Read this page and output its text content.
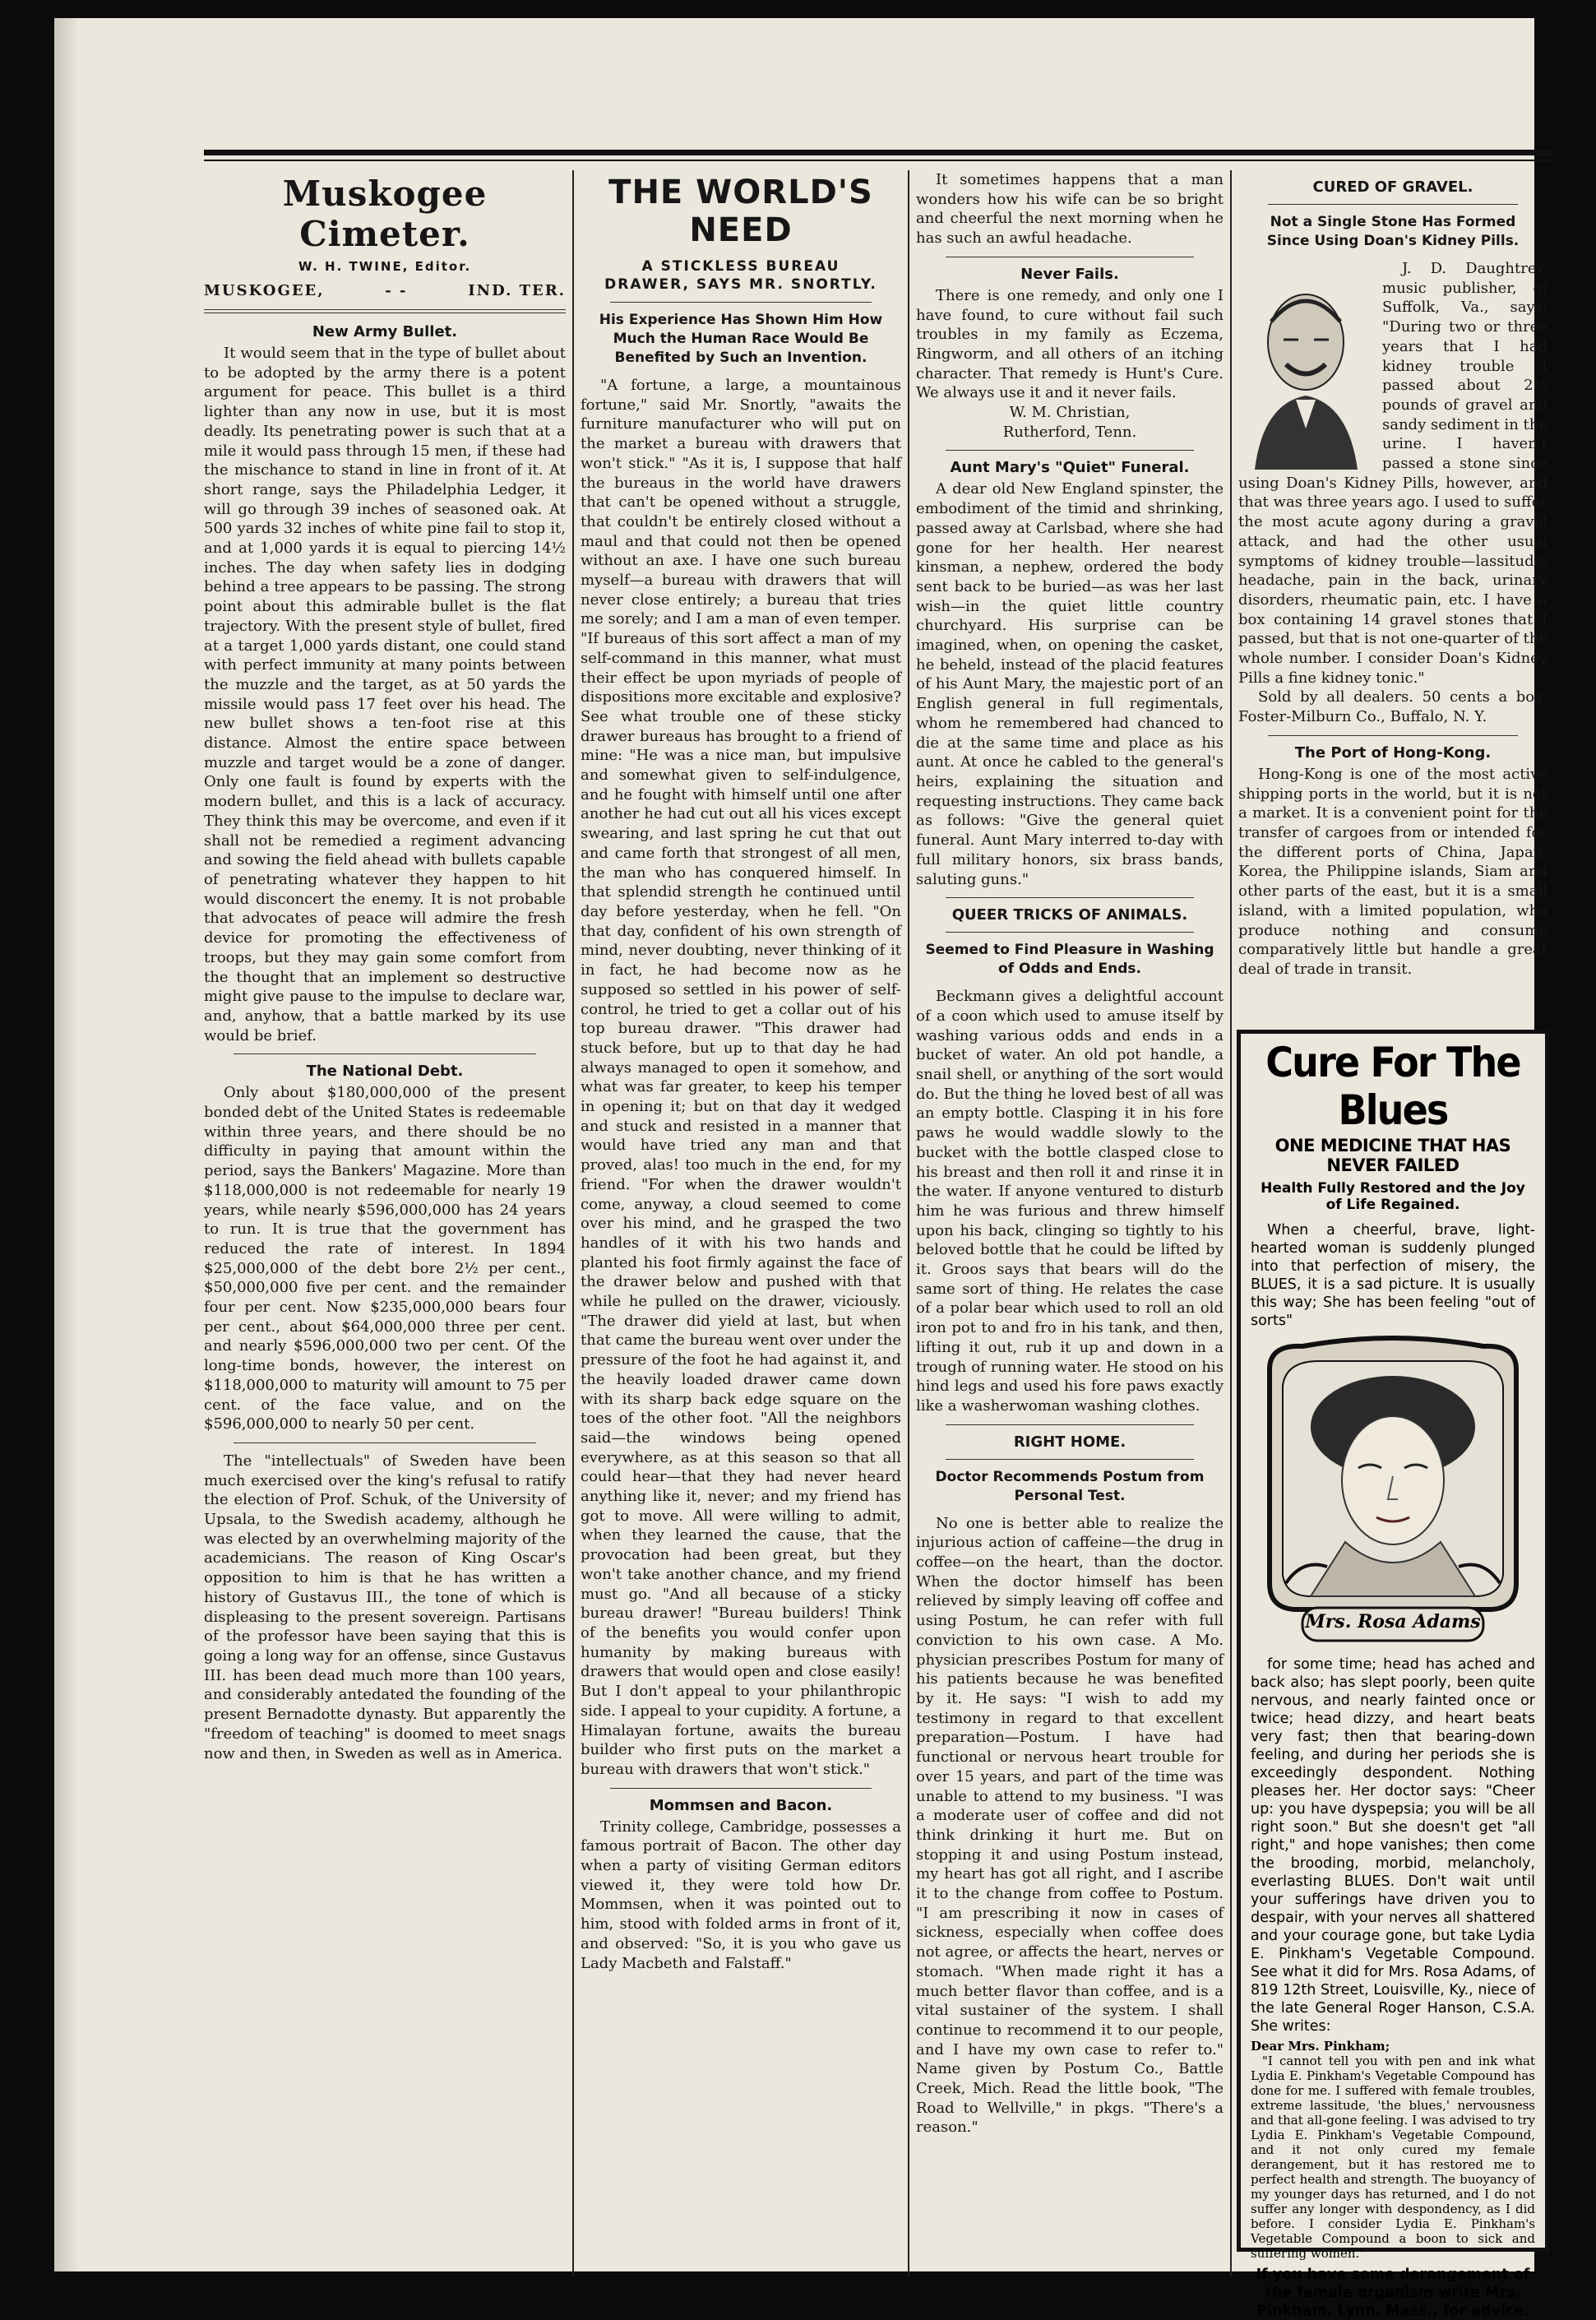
Muskogee Cimeter.
W. H. TWINE, Editor.
MUSKOGEE,	- -	IND. TER.
New Army Bullet.

It would seem that in the type of bullet about to be adopted by the army there is a potent argument for peace. This bullet is a third lighter than any now in use, but it is most deadly. Its penetrating power is such that at a mile it would pass through 15 men, if these had the mischance to stand in line in front of it. At short range, says the Philadelphia Ledger, it will go through 39 inches of seasoned oak. At 500 yards 32 inches of white pine fail to stop it, and at 1,000 yards it is equal to piercing 14½ inches. The day when safety lies in dodging behind a tree appears to be passing. The strong point about this admirable bullet is the flat trajectory. With the present style of bullet, fired at a target 1,000 yards distant, one could stand with perfect immunity at many points between the muzzle and the target, as at 50 yards the missile would pass 17 feet over his head. The new bullet shows a ten-foot rise at this distance. Almost the entire space between muzzle and target would be a zone of danger. Only one fault is found by experts with the modern bullet, and this is a lack of accuracy. They think this may be overcome, and even if it shall not be remedied a regiment advancing and sowing the field ahead with bullets capable of penetrating whatever they happen to hit would disconcert the enemy. It is not probable that advocates of peace will admire the fresh device for promoting the effectiveness of troops, but they may gain some comfort from the thought that an implement so destructive might give pause to the impulse to declare war, and, anyhow, that a battle marked by its use would be brief.

The National Debt.

Only about $180,000,000 of the present bonded debt of the United States is redeemable within three years, and there should be no difficulty in paying that amount within the period, says the Bankers' Magazine. More than $118,000,000 is not redeemable for nearly 19 years, while nearly $596,000,000 has 24 years to run. It is true that the government has reduced the rate of interest. In 1894 $25,000,000 of the debt bore 2½ per cent., $50,000,000 five per cent. and the remainder four per cent. Now $235,000,000 bears four per cent., about $64,000,000 three per cent. and nearly $596,000,000 two per cent. Of the long-time bonds, however, the interest on $118,000,000 to maturity will amount to 75 per cent. of the face value, and on the $596,000,000 to nearly 50 per cent.

The "intellectuals" of Sweden have been much exercised over the king's refusal to ratify the election of Prof. Schuk, of the University of Upsala, to the Swedish academy, although he was elected by an overwhelming majority of the academicians. The reason of King Oscar's opposition to him is that he has written a history of Gustavus III., the tone of which is displeasing to the present sovereign. Partisans of the professor have been saying that this is going a long way for an offense, since Gustavus III. has been dead much more than 100 years, and considerably antedated the founding of the present Bernadotte dynasty. But apparently the "freedom of teaching" is doomed to meet snags now and then, in Sweden as well as in America.

THE WORLD'S NEED
A STICKLESS BUREAU DRAWER, SAYS MR. SNORTLY.
His Experience Has Shown Him How Much the Human Race Would Be Benefited by Such an Invention.

"A fortune, a large, a mountainous fortune," said Mr. Snortly, "awaits the furniture manufacturer who will put on the market a bureau with drawers that won't stick." "As it is, I suppose that half the bureaus in the world have drawers that can't be opened without a struggle, that couldn't be entirely closed without a maul and that could not then be opened without an axe. I have one such bureau myself—a bureau with drawers that will never close entirely; a bureau that tries me sorely; and I am a man of even temper. "If bureaus of this sort affect a man of my self-command in this manner, what must their effect be upon myriads of people of dispositions more excitable and explosive? See what trouble one of these sticky drawer bureaus has brought to a friend of mine: "He was a nice man, but impulsive and somewhat given to self-indulgence, and he fought with himself until one after another he had cut out all his vices except swearing, and last spring he cut that out and came forth that strongest of all men, the man who has conquered himself. In that splendid strength he continued until day before yesterday, when he fell. "On that day, confident of his own strength of mind, never doubting, never thinking of it in fact, he had become now as he supposed so settled in his power of self-control, he tried to get a collar out of his top bureau drawer. "This drawer had stuck before, but up to that day he had always managed to open it somehow, and what was far greater, to keep his temper in opening it; but on that day it wedged and stuck and resisted in a manner that would have tried any man and that proved, alas! too much in the end, for my friend. "For when the drawer wouldn't come, anyway, a cloud seemed to come over his mind, and he grasped the two handles of it with his two hands and planted his foot firmly against the face of the drawer below and pushed with that while he pulled on the drawer, viciously. "The drawer did yield at last, but when that came the bureau went over under the pressure of the foot he had against it, and the heavily loaded drawer came down with its sharp back edge square on the toes of the other foot. "All the neighbors said—the windows being opened everywhere, as at this season so that all could hear—that they had never heard anything like it, never; and my friend has got to move. All were willing to admit, when they learned the cause, that the provocation had been great, but they won't take another chance, and my friend must go. "And all because of a sticky bureau drawer! "Bureau builders! Think of the benefits you would confer upon humanity by making bureaus with drawers that would open and close easily! But I don't appeal to your philanthropic side. I appeal to your cupidity. A fortune, a Himalayan fortune, awaits the bureau builder who first puts on the market a bureau with drawers that won't stick."

Mommsen and Bacon.

Trinity college, Cambridge, possesses a famous portrait of Bacon. The other day when a party of visiting German editors viewed it, they were told how Dr. Mommsen, when it was pointed out to him, stood with folded arms in front of it, and observed: "So, it is you who gave us Lady Macbeth and Falstaff."

It sometimes happens that a man wonders how his wife can be so bright and cheerful the next morning when he has such an awful headache.

Never Fails.

There is one remedy, and only one I have found, to cure without fail such troubles in my family as Eczema, Ringworm, and all others of an itching character. That remedy is Hunt's Cure. We always use it and it never fails.

W. M. Christian,

Rutherford, Tenn.

Aunt Mary's "Quiet" Funeral.

A dear old New England spinster, the embodiment of the timid and shrinking, passed away at Carlsbad, where she had gone for her health. Her nearest kinsman, a nephew, ordered the body sent back to be buried—as was her last wish—in the quiet little country churchyard. His surprise can be imagined, when, on opening the casket, he beheld, instead of the placid features of his Aunt Mary, the majestic port of an English general in full regimentals, whom he remembered had chanced to die at the same time and place as his aunt. At once he cabled to the general's heirs, explaining the situation and requesting instructions. They came back as follows: "Give the general quiet funeral. Aunt Mary interred to-day with full military honors, six brass bands, saluting guns."

QUEER TRICKS OF ANIMALS.
Seemed to Find Pleasure in Washing of Odds and Ends.

Beckmann gives a delightful account of a coon which used to amuse itself by washing various odds and ends in a bucket of water. An old pot handle, a snail shell, or anything of the sort would do. But the thing he loved best of all was an empty bottle. Clasping it in his fore paws he would waddle slowly to the bucket with the bottle clasped close to his breast and then roll it and rinse it in the water. If anyone ventured to disturb him he was furious and threw himself upon his back, clinging so tightly to his beloved bottle that he could be lifted by it. Groos says that bears will do the same sort of thing. He relates the case of a polar bear which used to roll an old iron pot to and fro in his tank, and then, lifting it out, rub it up and down in a trough of running water. He stood on his hind legs and used his fore paws exactly like a washerwoman washing clothes.

RIGHT HOME.
Doctor Recommends Postum from Personal Test.

No one is better able to realize the injurious action of caffeine—the drug in coffee—on the heart, than the doctor. When the doctor himself has been relieved by simply leaving off coffee and using Postum, he can refer with full conviction to his own case. A Mo. physician prescribes Postum for many of his patients because he was benefited by it. He says: "I wish to add my testimony in regard to that excellent preparation—Postum. I have had functional or nervous heart trouble for over 15 years, and part of the time was unable to attend to my business. "I was a moderate user of coffee and did not think drinking it hurt me. But on stopping it and using Postum instead, my heart has got all right, and I ascribe it to the change from coffee to Postum. "I am prescribing it now in cases of sickness, especially when coffee does not agree, or affects the heart, nerves or stomach. "When made right it has a much better flavor than coffee, and is a vital sustainer of the system. I shall continue to recommend it to our people, and I have my own case to refer to." Name given by Postum Co., Battle Creek, Mich. Read the little book, "The Road to Wellville," in pkgs. "There's a reason."

CURED OF GRAVEL.
Not a Single Stone Has Formed Since Using Doan's Kidney Pills.

J. D. Daughtrey, music publisher, of Suffolk, Va., says: "During two or three years that I had kidney trouble I passed about 2½ pounds of gravel and sandy sediment in the urine. I haven't passed a stone since using Doan's Kidney Pills, however, and that was three years ago. I used to suffer the most acute agony during a gravel attack, and had the other usual symptoms of kidney trouble—lassitude, headache, pain in the back, urinary disorders, rheumatic pain, etc. I have a box containing 14 gravel stones that I passed, but that is not one-quarter of the whole number. I consider Doan's Kidney Pills a fine kidney tonic."

Sold by all dealers. 50 cents a box. Foster-Milburn Co., Buffalo, N. Y.

The Port of Hong-Kong.

Hong-Kong is one of the most active shipping ports in the world, but it is not a market. It is a convenient point for the transfer of cargoes from or intended for the different ports of China, Japan, Korea, the Philippine islands, Siam and other parts of the east, but it is a small island, with a limited population, who produce nothing and consume comparatively little but handle a great deal of trade in transit.

Cure For The Blues
ONE MEDICINE THAT HAS NEVER FAILED
Health Fully Restored and the Joy of Life Regained.

When a cheerful, brave, light-hearted woman is suddenly plunged into that perfection of misery, the BLUES, it is a sad picture. It is usually this way; She has been feeling "out of sorts"

Mrs. Rosa Adams

for some time; head has ached and back also; has slept poorly, been quite nervous, and nearly fainted once or twice; head dizzy, and heart beats very fast; then that bearing-down feeling, and during her periods she is exceedingly despondent. Nothing pleases her. Her doctor says: "Cheer up: you have dyspepsia; you will be all right soon." But she doesn't get "all right," and hope vanishes; then come the brooding, morbid, melancholy, everlasting BLUES. Don't wait until your sufferings have driven you to despair, with your nerves all shattered and your courage gone, but take Lydia E. Pinkham's Vegetable Compound. See what it did for Mrs. Rosa Adams, of 819 12th Street, Louisville, Ky., niece of the late General Roger Hanson, C.S.A. She writes:

Dear Mrs. Pinkham;

"I cannot tell you with pen and ink what Lydia E. Pinkham's Vegetable Compound has done for me. I suffered with female troubles, extreme lassitude, 'the blues,' nervousness and that all-gone feeling. I was advised to try Lydia E. Pinkham's Vegetable Compound, and it not only cured my female derangement, but it has restored me to perfect health and strength. The buoyancy of my younger days has returned, and I do not suffer any longer with despondency, as I did before. I consider Lydia E. Pinkham's Vegetable Compound a boon to sick and suffering women."

If you have some derangement of the female organism write Mrs. Pinkham, Lynn, Mass., for advice.
